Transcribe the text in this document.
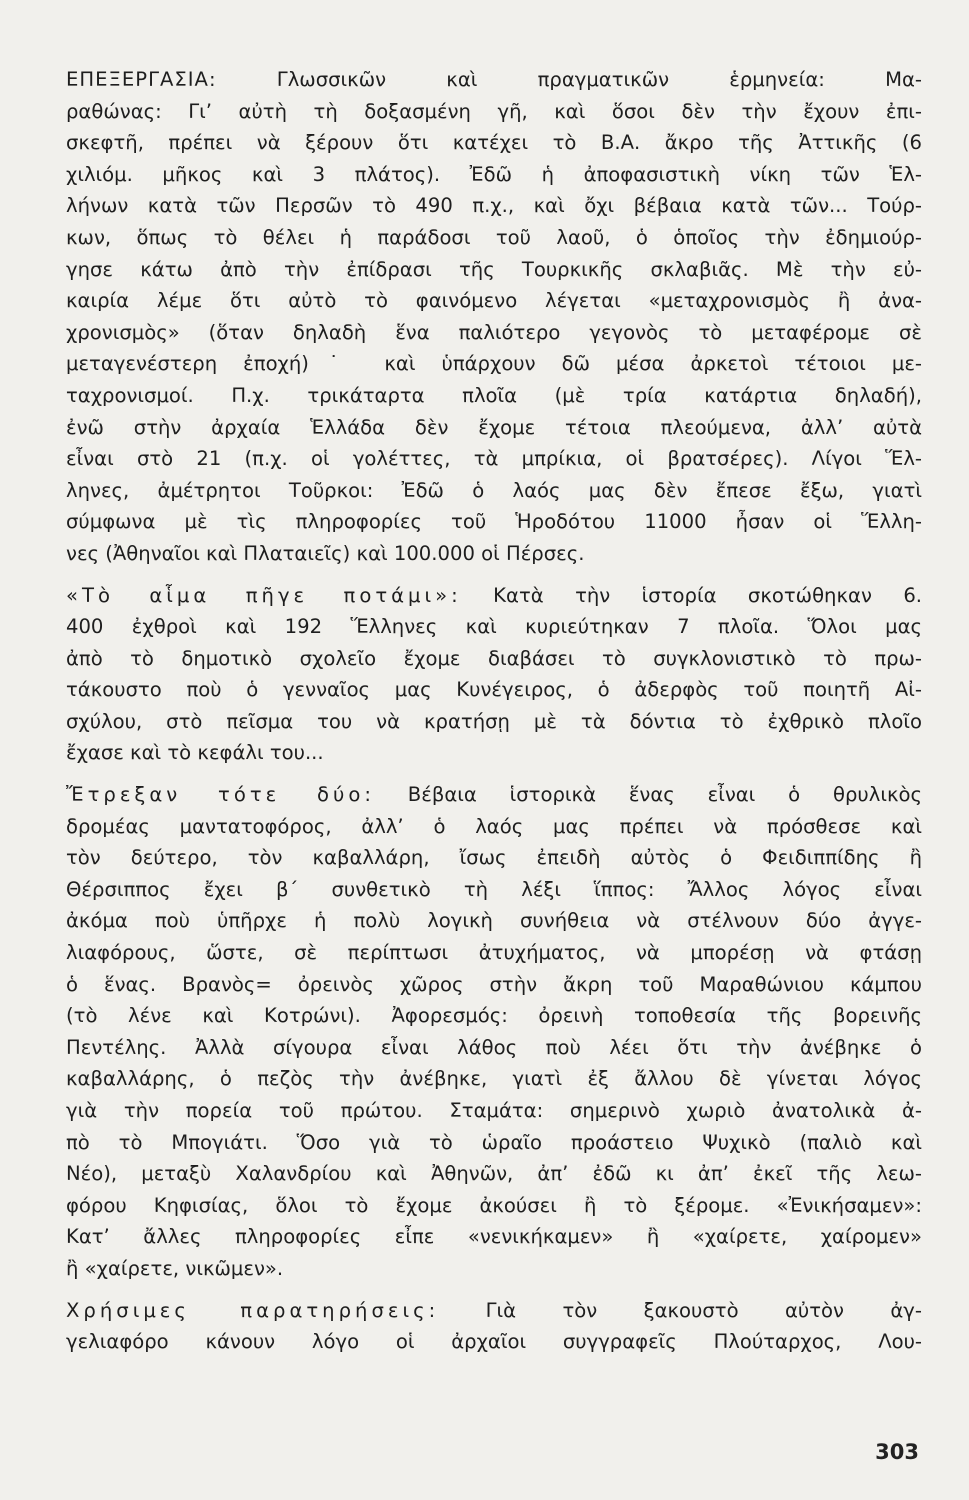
ΕΠΕΞΕΡΓΑΣΙΑ: Γλωσσικῶν καὶ πραγματικῶν ἑρμηνεία: Μα-
ραθώνας: Γι’ αὐτὴ τὴ δοξασμένη γῆ, καὶ ὅσοι δὲν τὴν ἔχουν ἐπι-
σκεφτῆ, πρέπει νὰ ξέρουν ὅτι κατέχει τὸ Β.Α. ἄκρο τῆς Ἀττικῆς (6
χιλιόμ. μῆκος καὶ 3 πλάτος). Ἐδῶ ἡ ἀποφασιστικὴ νίκη τῶν Ἑλ-
λήνων κατὰ τῶν Περσῶν τὸ 490 π.χ., καὶ ὄχι βέβαια κατὰ τῶν... Τούρ-
κων, ὅπως τὸ θέλει ἡ παράδοσι τοῦ λαοῦ, ὁ ὁποῖος τὴν ἐδημιούρ-
γησε κάτω ἀπὸ τὴν ἐπίδρασι τῆς Τουρκικῆς σκλαβιᾶς. Μὲ τὴν εὐ-
καιρία λέμε ὅτι αὐτὸ τὸ φαινόμενο λέγεται «μεταχρονισμὸς ἢ ἀνα-
χρονισμὸς» (ὅταν δηλαδὴ ἕνα παλιότερο γεγονὸς τὸ μεταφέρομε σὲ
μεταγενέστερη ἐποχή)˙ καὶ ὑπάρχουν δῶ μέσα ἀρκετοὶ τέτοιοι με-
ταχρονισμοί. Π.χ. τρικάταρτα πλοῖα (μὲ τρία κατάρτια δηλαδή),
ἐνῶ στὴν ἀρχαία Ἑλλάδα δὲν ἔχομε τέτοια πλεούμενα, ἀλλ’ αὐτὰ
εἶναι στὸ 21 (π.χ. οἱ γολέττες, τὰ μπρίκια, οἱ βρατσέρες). Λίγοι Ἕλ-
ληνες, ἀμέτρητοι Τοῦρκοι: Ἐδῶ ὁ λαός μας δὲν ἔπεσε ἔξω, γιατὶ
σύμφωνα μὲ τὶς πληροφορίες τοῦ Ἡροδότου 11000 ἦσαν οἱ Ἕλλη-
νες (Ἀθηναῖοι καὶ Πλαταιεῖς) καὶ 100.000 οἱ Πέρσες.
«Τὸ αἷμα πῆγε ποτάμι»: Κατὰ τὴν ἱστορία σκοτώθηκαν 6.
400 ἐχθροὶ καὶ 192 Ἕλληνες καὶ κυριεύτηκαν 7 πλοῖα. Ὅλοι μας
ἀπὸ τὸ δημοτικὸ σχολεῖο ἔχομε διαβάσει τὸ συγκλονιστικὸ τὸ πρω-
τάκουστο ποὺ ὁ γενναῖος μας Κυνέγειρος, ὁ ἀδερφὸς τοῦ ποιητῆ Αἰ-
σχύλου, στὸ πεῖσμα του νὰ κρατήσῃ μὲ τὰ δόντια τὸ ἐχθρικὸ πλοῖο
ἔχασε καὶ τὸ κεφάλι του...
Ἔτρεξαν τότε δύο: Βέβαια ἱστορικὰ ἕνας εἶναι ὁ θρυλικὸς
δρομέας μαντατοφόρος, ἀλλ’ ὁ λαός μας πρέπει νὰ πρόσθεσε καὶ
τὸν δεύτερο, τὸν καβαλλάρη, ἴσως ἐπειδὴ αὐτὸς ὁ Φειδιππίδης ἢ
Θέρσιππος ἔχει β΄ συνθετικὸ τὴ λέξι ἵππος: Ἄλλος λόγος εἶναι
ἀκόμα ποὺ ὑπῆρχε ἡ πολὺ λογικὴ συνήθεια νὰ στέλνουν δύο ἀγγε-
λιαφόρους, ὥστε, σὲ περίπτωσι ἀτυχήματος, νὰ μπορέσῃ νὰ φτάσῃ
ὁ ἕνας. Βρανὸς= ὀρεινὸς χῶρος στὴν ἄκρη τοῦ Μαραθώνιου κάμπου
(τὸ λένε καὶ Κοτρώνι). Ἀφορεσμός: ὀρεινὴ τοποθεσία τῆς βορεινῆς
Πεντέλης. Ἀλλὰ σίγουρα εἶναι λάθος ποὺ λέει ὅτι τὴν ἀνέβηκε ὁ
καβαλλάρης, ὁ πεζὸς τὴν ἀνέβηκε, γιατὶ ἐξ ἄλλου δὲ γίνεται λόγος
γιὰ τὴν πορεία τοῦ πρώτου. Σταμάτα: σημερινὸ χωριὸ ἀνατολικὰ ἀ-
πὸ τὸ Μπογιάτι. Ὅσο γιὰ τὸ ὡραῖο προάστειο Ψυχικὸ (παλιὸ καὶ
Νέο), μεταξὺ Χαλανδρίου καὶ Ἀθηνῶν, ἀπ’ ἐδῶ κι ἀπ’ ἐκεῖ τῆς λεω-
φόρου Κηφισίας, ὅλοι τὸ ἔχομε ἀκούσει ἢ τὸ ξέρομε. «Ἐνικήσαμεν»:
Κατ’ ἄλλες πληροφορίες εἶπε «νενικήκαμεν» ἢ «χαίρετε, χαίρομεν»
ἢ «χαίρετε, νικῶμεν».
Χρήσιμες παρατηρήσεις: Γιὰ τὸν ξακουστὸ αὐτὸν ἀγ-
γελιαφόρο κάνουν λόγο οἱ ἀρχαῖοι συγγραφεῖς Πλούταρχος, Λου-
303
